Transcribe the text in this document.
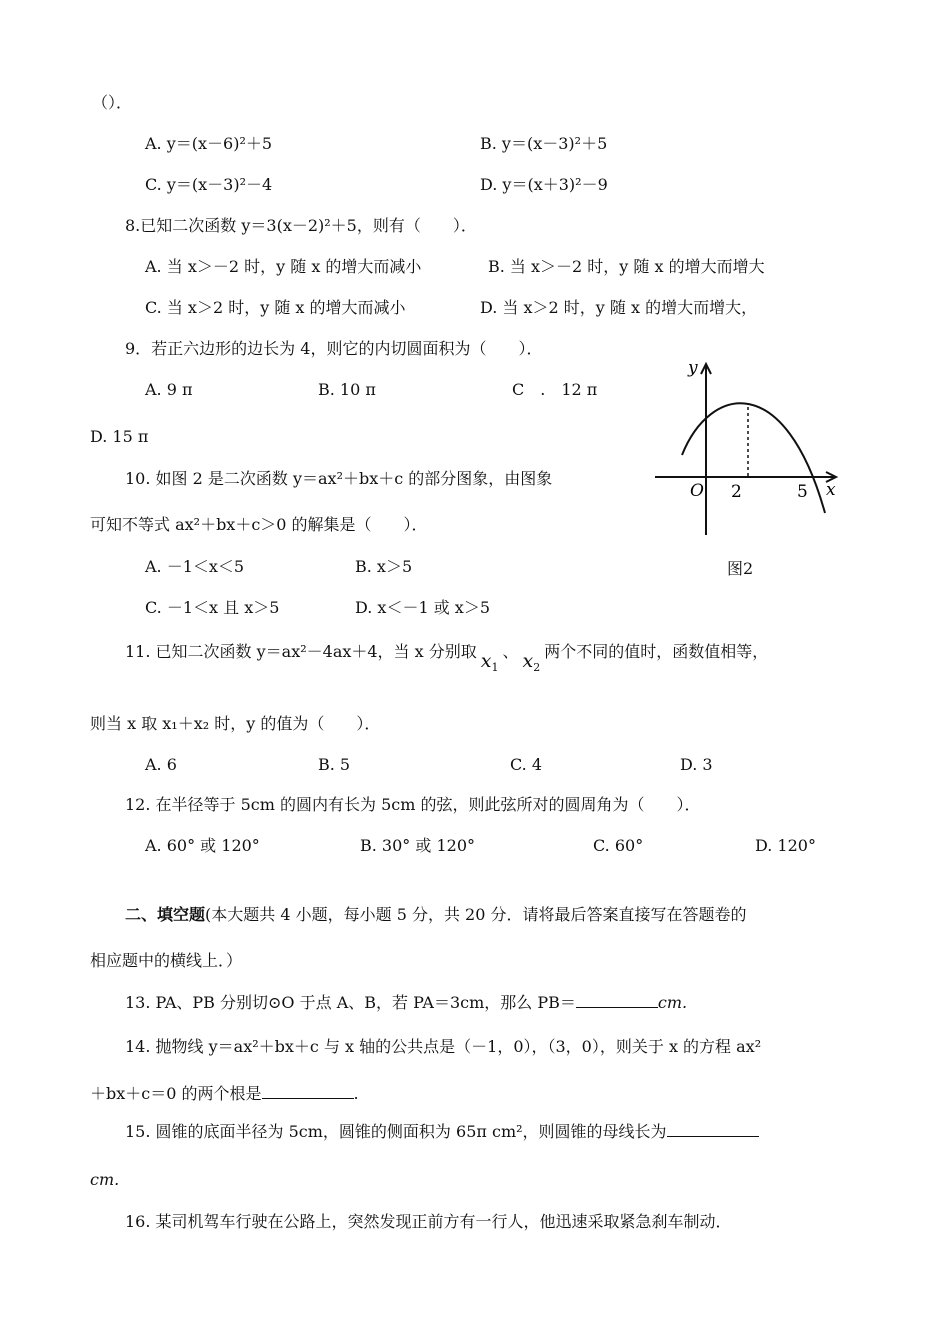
（）．
A. y＝(x－6)²＋5	B. y＝(x－3)²＋5
C. y＝(x－3)²－4	D. y＝(x＋3)²－9
8.已知二次函数 y＝3(x－2)²＋5，则有（　　）．
A. 当 x＞－2 时，y 随 x 的增大而减小	B. 当 x＞－2 时，y 随 x 的增大而增大
C. 当 x＞2 时，y 随 x 的增大而减小	D. 当 x＞2 时，y 随 x 的增大而增大，
9．若正六边形的边长为 4，则它的内切圆面积为（　　）．
A. 9 π	B. 10 π	C　.　12 π
D. 15 π
10. 如图 2 是二次函数 y＝ax²＋bx＋c 的部分图象，由图象
可知不等式 ax²＋bx＋c＞0 的解集是（　　）．
A. －1＜x＜5	B. x＞5
C. －1＜x 且 x＞5	D. x＜－1 或 x＞5
y
x
O 2	5
图2
11. 已知二次函数 y＝ax²－4ax＋4，当 x 分别取 $x_1$、 $x_2$两个不同的值时，函数值相等，
则当 x 取 x₁＋x₂ 时，y 的值为（　　）．
A. 6	B. 5	C. 4	D. 3
12. 在半径等于 5cm 的圆内有长为 5cm 的弦，则此弦所对的圆周角为（　　）．
A. 60° 或 120°	B. 30° 或 120°	C. 60°	D. 120°
二、填空题(本大题共 4 小题，每小题 5 分，共 20 分．请将最后答案直接写在答题卷的
相应题中的横线上．）
13. PA、PB 分别切⊙O 于点 A、B，若 PA＝3cm，那么 PB＝	cm.
14. 抛物线 y＝ax²＋bx＋c 与 x 轴的公共点是（－1，0），（3，0），则关于 x 的方程 ax²
＋bx＋c＝0 的两个根是	.
15. 圆锥的底面半径为 5cm，圆锥的侧面积为 65π cm²，则圆锥的母线长为
cm.
16. 某司机驾车行驶在公路上，突然发现正前方有一行人，他迅速采取紧急刹车制动．
